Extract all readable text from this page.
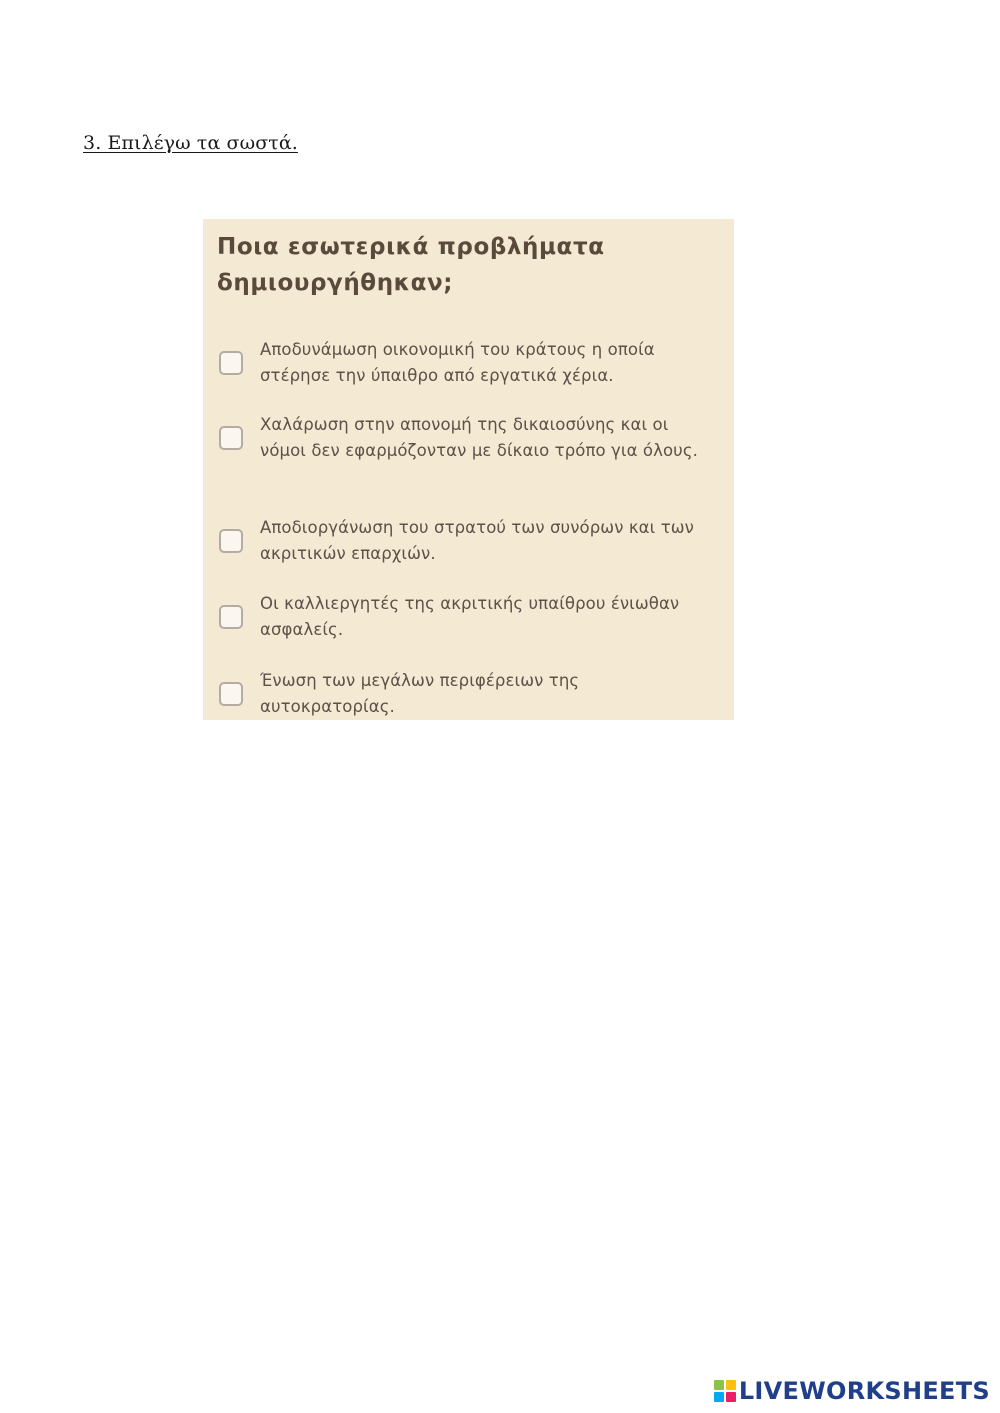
3. Επιλέγω τα σωστά.

Ποια εσωτερικά προβλήματα δημιουργήθηκαν;
Αποδυνάμωση οικονομική του κράτους η οποία στέρησε την ύπαιθρο από εργατικά χέρια.
Χαλάρωση στην απονομή της δικαιοσύνης και οι νόμοι δεν εφαρμόζονταν με δίκαιο τρόπο για όλους.
Αποδιοργάνωση του στρατού των συνόρων και των ακριτικών επαρχιών.
Οι καλλιεργητές της ακριτικής υπαίθρου ένιωθαν ασφαλείς.
Ένωση των μεγάλων περιφέρειων της αυτοκρατορίας.
LIVEWORKSHEETS
